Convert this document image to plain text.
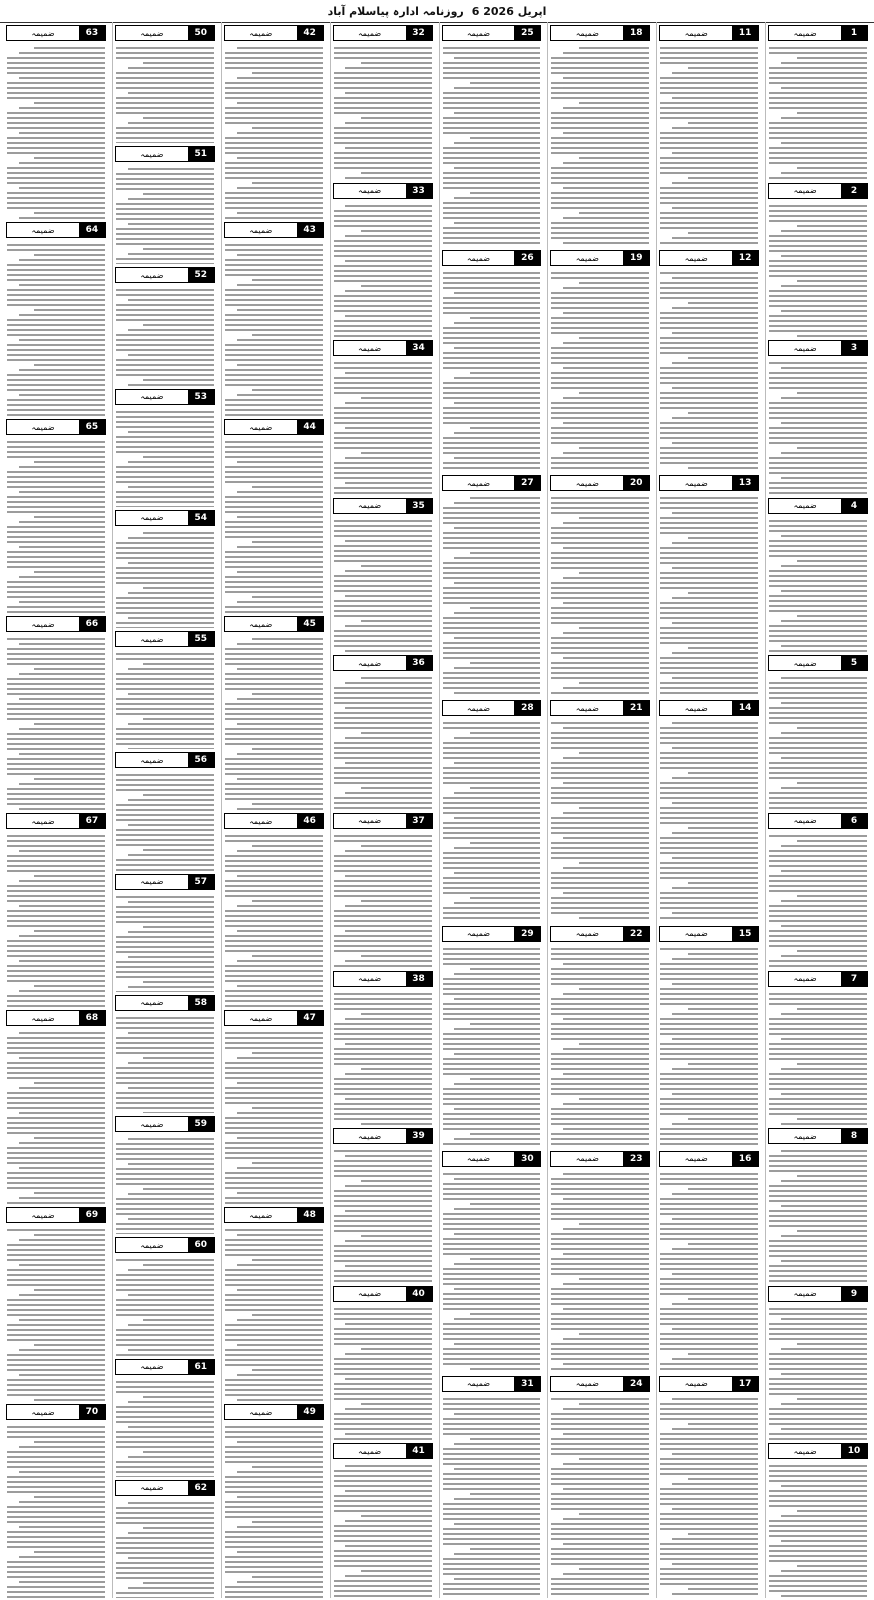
روزنامہ ادارہ پیاسلام آباد 6 اپریل 2026
1
ضمیمہ
2
ضمیمہ
3
ضمیمہ
4
ضمیمہ
5
ضمیمہ
6
ضمیمہ
7
ضمیمہ
8
ضمیمہ
9
ضمیمہ
10
ضمیمہ
11
ضمیمہ
12
ضمیمہ
13
ضمیمہ
14
ضمیمہ
15
ضمیمہ
16
ضمیمہ
17
ضمیمہ
18
ضمیمہ
19
ضمیمہ
20
ضمیمہ
21
ضمیمہ
22
ضمیمہ
23
ضمیمہ
24
ضمیمہ
25
ضمیمہ
26
ضمیمہ
27
ضمیمہ
28
ضمیمہ
29
ضمیمہ
30
ضمیمہ
31
ضمیمہ
32
ضمیمہ
33
ضمیمہ
34
ضمیمہ
35
ضمیمہ
36
ضمیمہ
37
ضمیمہ
38
ضمیمہ
39
ضمیمہ
40
ضمیمہ
41
ضمیمہ
42
ضمیمہ
43
ضمیمہ
44
ضمیمہ
45
ضمیمہ
46
ضمیمہ
47
ضمیمہ
48
ضمیمہ
49
ضمیمہ
50
ضمیمہ
51
ضمیمہ
52
ضمیمہ
53
ضمیمہ
54
ضمیمہ
55
ضمیمہ
56
ضمیمہ
57
ضمیمہ
58
ضمیمہ
59
ضمیمہ
60
ضمیمہ
61
ضمیمہ
62
ضمیمہ
63
ضمیمہ
64
ضمیمہ
65
ضمیمہ
66
ضمیمہ
67
ضمیمہ
68
ضمیمہ
69
ضمیمہ
70
ضمیمہ
